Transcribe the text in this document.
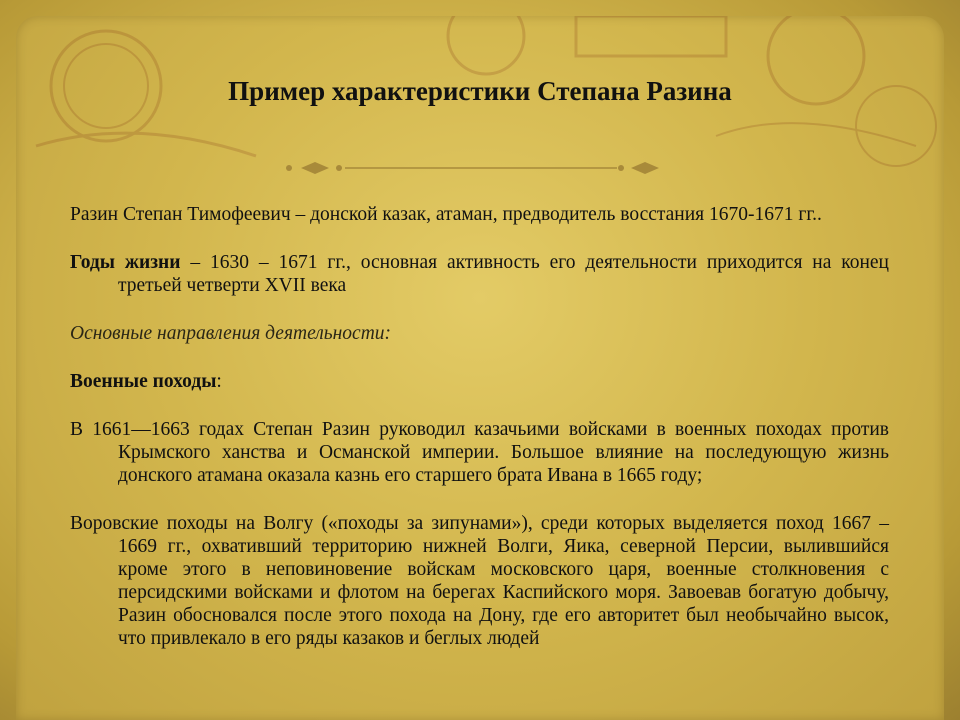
Пример характеристики Степана Разина

Разин Степан Тимофеевич – донской казак, атаман, предводитель восстания 1670-1671 гг..

Годы жизни – 1630 – 1671 гг., основная активность его деятельности приходится на конец третьей четверти XVII века

Основные направления деятельности:

Военные походы:

В 1661—1663 годах Степан Разин руководил казачьими войсками в военных походах против Крымского ханства и Османской империи. Большое влияние на последующую жизнь донского атамана оказала казнь его старшего брата Ивана в 1665 году;

Воровские походы на Волгу («походы за зипунами»), среди которых выделяется поход 1667 – 1669 гг., охвативший территорию нижней Волги, Яика, северной Персии, вылившийся кроме этого в неповиновение войскам московского царя, военные столкновения с персидскими войсками и флотом на берегах Каспийского моря. Завоевав богатую добычу, Разин обосновался после этого похода на Дону, где его авторитет был необычайно высок, что привлекало в его ряды казаков и беглых людей
